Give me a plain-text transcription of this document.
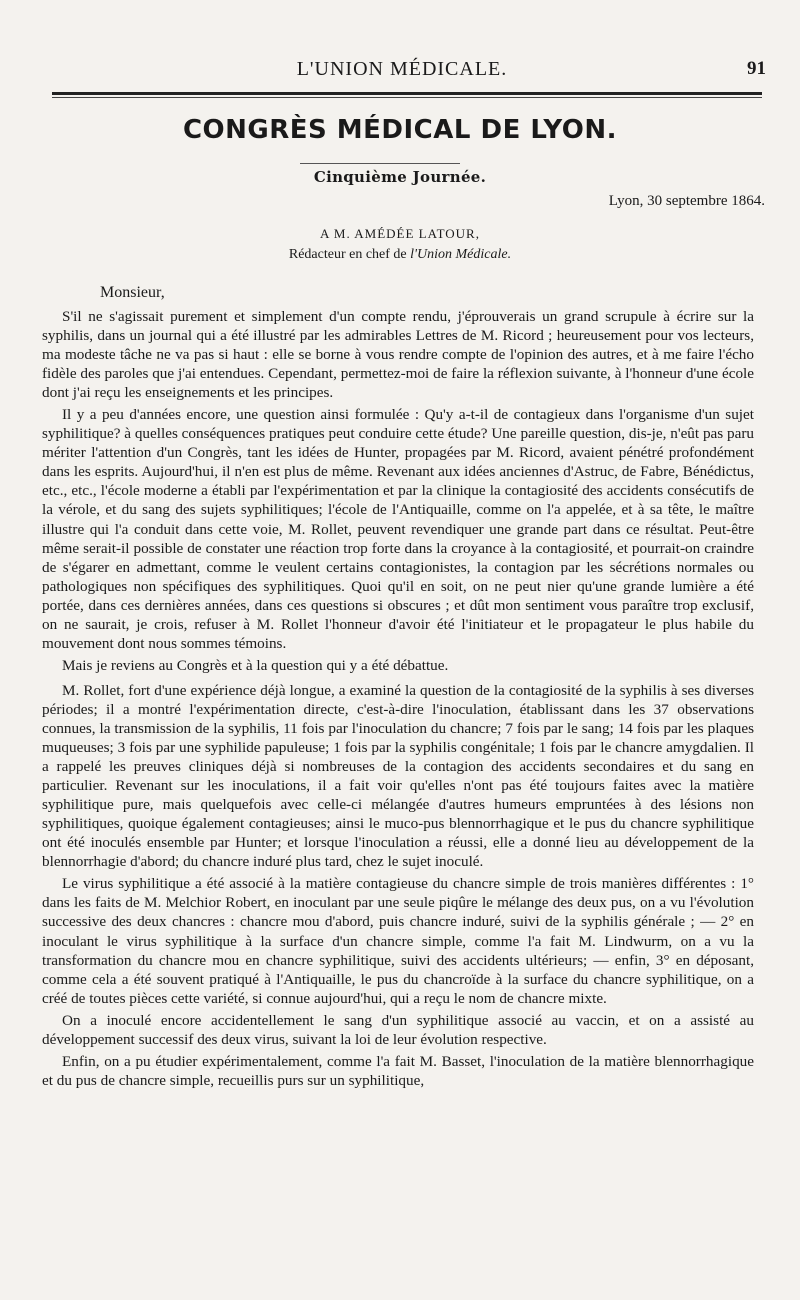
L'UNION MÉDICALE.	91
CONGRÈS MÉDICAL DE LYON.
Cinquième Journée.
Lyon, 30 septembre 1864.
A M. AMÉDÉE LATOUR,
Rédacteur en chef de l'Union Médicale.
Monsieur,

S'il ne s'agissait purement et simplement d'un compte rendu, j'éprouverais un grand scrupule à écrire sur la syphilis, dans un journal qui a été illustré par les admirables Lettres de M. Ricord ; heureusement pour vos lecteurs, ma modeste tâche ne va pas si haut : elle se borne à vous rendre compte de l'opinion des autres, et à me faire l'écho fidèle des paroles que j'ai entendues. Cependant, permettez-moi de faire la réflexion suivante, à l'honneur d'une école dont j'ai reçu les enseignements et les principes.

Il y a peu d'années encore, une question ainsi formulée : Qu'y a-t-il de contagieux dans l'organisme d'un sujet syphilitique? à quelles conséquences pratiques peut conduire cette étude? Une pareille question, dis-je, n'eût pas paru mériter l'attention d'un Congrès, tant les idées de Hunter, propagées par M. Ricord, avaient pénétré profondément dans les esprits. Aujourd'hui, il n'en est plus de même. Revenant aux idées anciennes d'Astruc, de Fabre, Bénédictus, etc., etc., l'école moderne a établi par l'expérimentation et par la clinique la contagiosité des accidents consécutifs de la vérole, et du sang des sujets syphilitiques; l'école de l'Antiquaille, comme on l'a appelée, et à sa tête, le maître illustre qui l'a conduit dans cette voie, M. Rollet, peuvent revendiquer une grande part dans ce résultat. Peut-être même serait-il possible de constater une réaction trop forte dans la croyance à la contagiosité, et pourrait-on craindre de s'égarer en admettant, comme le veulent certains contagionistes, la contagion par les sécrétions normales ou pathologiques non spécifiques des syphilitiques. Quoi qu'il en soit, on ne peut nier qu'une grande lumière a été portée, dans ces dernières années, dans ces questions si obscures ; et dût mon sentiment vous paraître trop exclusif, on ne saurait, je crois, refuser à M. Rollet l'honneur d'avoir été l'initiateur et le propagateur le plus habile du mouvement dont nous sommes témoins.

Mais je reviens au Congrès et à la question qui y a été débattue.

M. Rollet, fort d'une expérience déjà longue, a examiné la question de la contagiosité de la syphilis à ses diverses périodes; il a montré l'expérimentation directe, c'est-à-dire l'inoculation, établissant dans les 37 observations connues, la transmission de la syphilis, 11 fois par l'inoculation du chancre; 7 fois par le sang; 14 fois par les plaques muqueuses; 3 fois par une syphilide papuleuse; 1 fois par la syphilis congénitale; 1 fois par le chancre amygdalien. Il a rappelé les preuves cliniques déjà si nombreuses de la contagion des accidents secondaires et du sang en particulier. Revenant sur les inoculations, il a fait voir qu'elles n'ont pas été toujours faites avec la matière syphilitique pure, mais quelquefois avec celle-ci mélangée d'autres humeurs empruntées à des lésions non syphilitiques, quoique également contagieuses; ainsi le muco-pus blennorrhagique et le pus du chancre syphilitique ont été inoculés ensemble par Hunter; et lorsque l'inoculation a réussi, elle a donné lieu au développement de la blennorrhagie d'abord; du chancre induré plus tard, chez le sujet inoculé.

Le virus syphilitique a été associé à la matière contagieuse du chancre simple de trois manières différentes : 1° dans les faits de M. Melchior Robert, en inoculant par une seule piqûre le mélange des deux pus, on a vu l'évolution successive des deux chancres : chancre mou d'abord, puis chancre induré, suivi de la syphilis générale ; — 2° en inoculant le virus syphilitique à la surface d'un chancre simple, comme l'a fait M. Lindwurm, on a vu la transformation du chancre mou en chancre syphilitique, suivi des accidents ultérieurs; — enfin, 3° en déposant, comme cela a été souvent pratiqué à l'Antiquaille, le pus du chancroïde à la surface du chancre syphilitique, on a créé de toutes pièces cette variété, si connue aujourd'hui, qui a reçu le nom de chancre mixte.

On a inoculé encore accidentellement le sang d'un syphilitique associé au vaccin, et on a assisté au développement successif des deux virus, suivant la loi de leur évolution respective.

Enfin, on a pu étudier expérimentalement, comme l'a fait M. Basset, l'inoculation de la matière blennorrhagique et du pus de chancre simple, recueillis purs sur un syphilitique,
